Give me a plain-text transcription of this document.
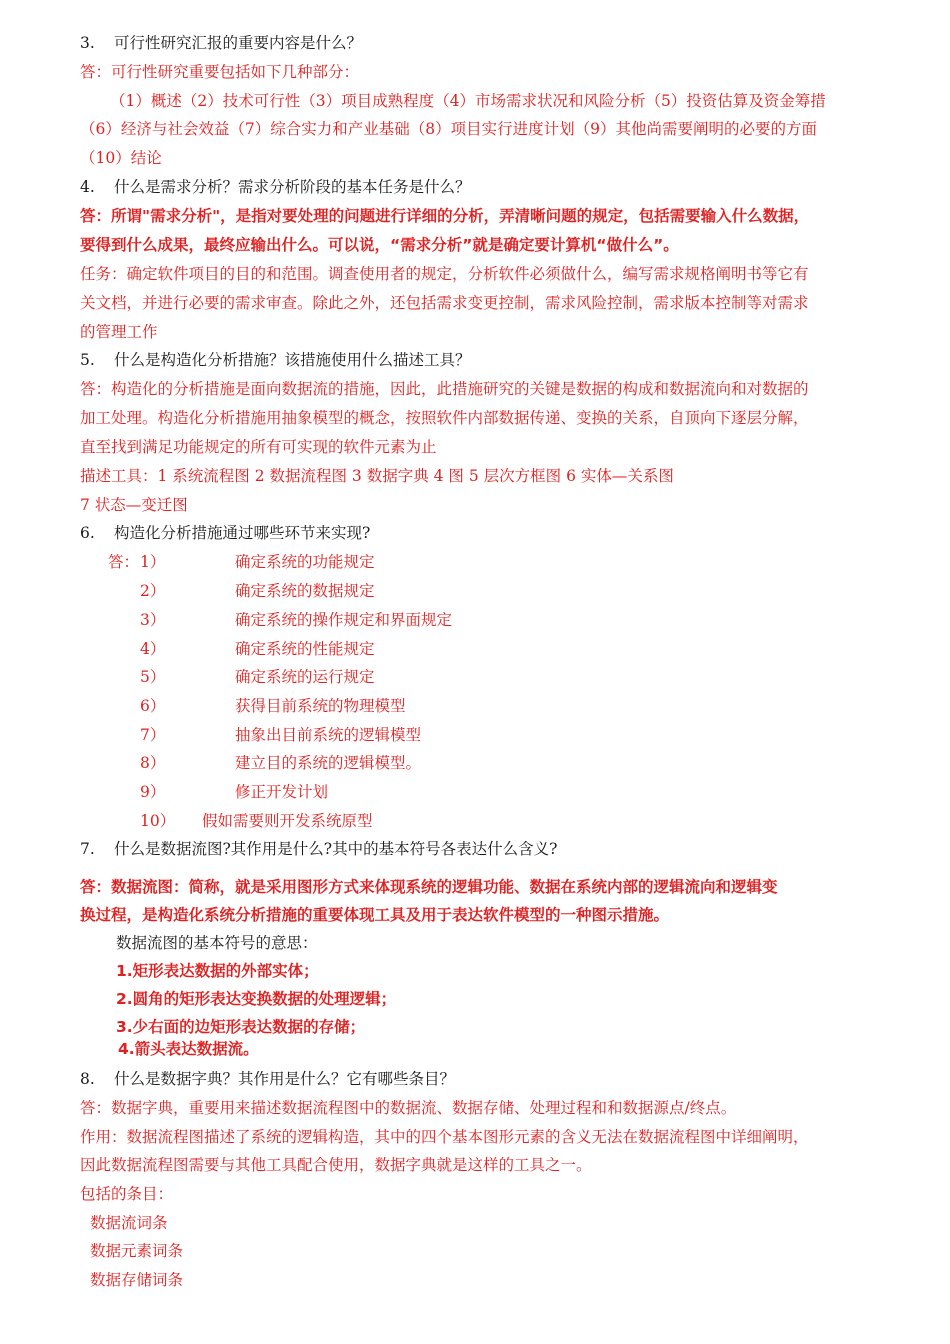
3. 可行性研究汇报的重要内容是什么？
答：可行性研究重要包括如下几种部分：
（1）概述（2）技术可行性（3）项目成熟程度（4）市场需求状况和风险分析（5）投资估算及资金筹措
（6）经济与社会效益（7）综合实力和产业基础（8）项目实行进度计划（9）其他尚需要阐明的必要的方面
（10）结论
4. 什么是需求分析？需求分析阶段的基本任务是什么？
答：所谓"需求分析"，是指对要处理的问题进行详细的分析，弄清晰问题的规定，包括需要输入什么数据，
要得到什么成果，最终应输出什么。可以说，“需求分析”就是确定要计算机“做什么”。
任务：确定软件项目的目的和范围。调查使用者的规定，分析软件必须做什么，编写需求规格阐明书等它有
关文档，并进行必要的需求审查。除此之外，还包括需求变更控制，需求风险控制，需求版本控制等对需求
的管理工作
5. 什么是构造化分析措施？该措施使用什么描述工具？
答：构造化的分析措施是面向数据流的措施，因此，此措施研究的关键是数据的构成和数据流向和对数据的
加工处理。构造化分析措施用抽象模型的概念，按照软件内部数据传递、变换的关系，自顶向下逐层分解，
直至找到满足功能规定的所有可实现的软件元素为止
描述工具：1 系统流程图 2 数据流程图 3 数据字典 4 图 5 层次方框图 6 实体—关系图
7 状态—变迁图
6. 构造化分析措施通过哪些环节来实现?
答： 1）	确定系统的功能规定
2）	确定系统的数据规定
3）	确定系统的操作规定和界面规定
4）	确定系统的性能规定
5）	确定系统的运行规定
6）	获得目前系统的物理模型
7）	抽象出目前系统的逻辑模型
8）	建立目的系统的逻辑模型。
9）	修正开发计划
10） 假如需要则开发系统原型
7. 什么是数据流图?其作用是什么?其中的基本符号各表达什么含义?
答：数据流图：简称，就是采用图形方式来体现系统的逻辑功能、数据在系统内部的逻辑流向和逻辑变
换过程，是构造化系统分析措施的重要体现工具及用于表达软件模型的一种图示措施。
数据流图的基本符号的意思：
1.矩形表达数据的外部实体；
2.圆角的矩形表达变换数据的处理逻辑；
3.少右面的边矩形表达数据的存储；
4.箭头表达数据流。
8. 什么是数据字典？其作用是什么？它有哪些条目？
答：数据字典，重要用来描述数据流程图中的数据流、数据存储、处理过程和和数据源点/终点。
作用：数据流程图描述了系统的逻辑构造，其中的四个基本图形元素的含义无法在数据流程图中详细阐明，
因此数据流程图需要与其他工具配合使用，数据字典就是这样的工具之一。
包括的条目：
数据流词条
数据元素词条
数据存储词条
